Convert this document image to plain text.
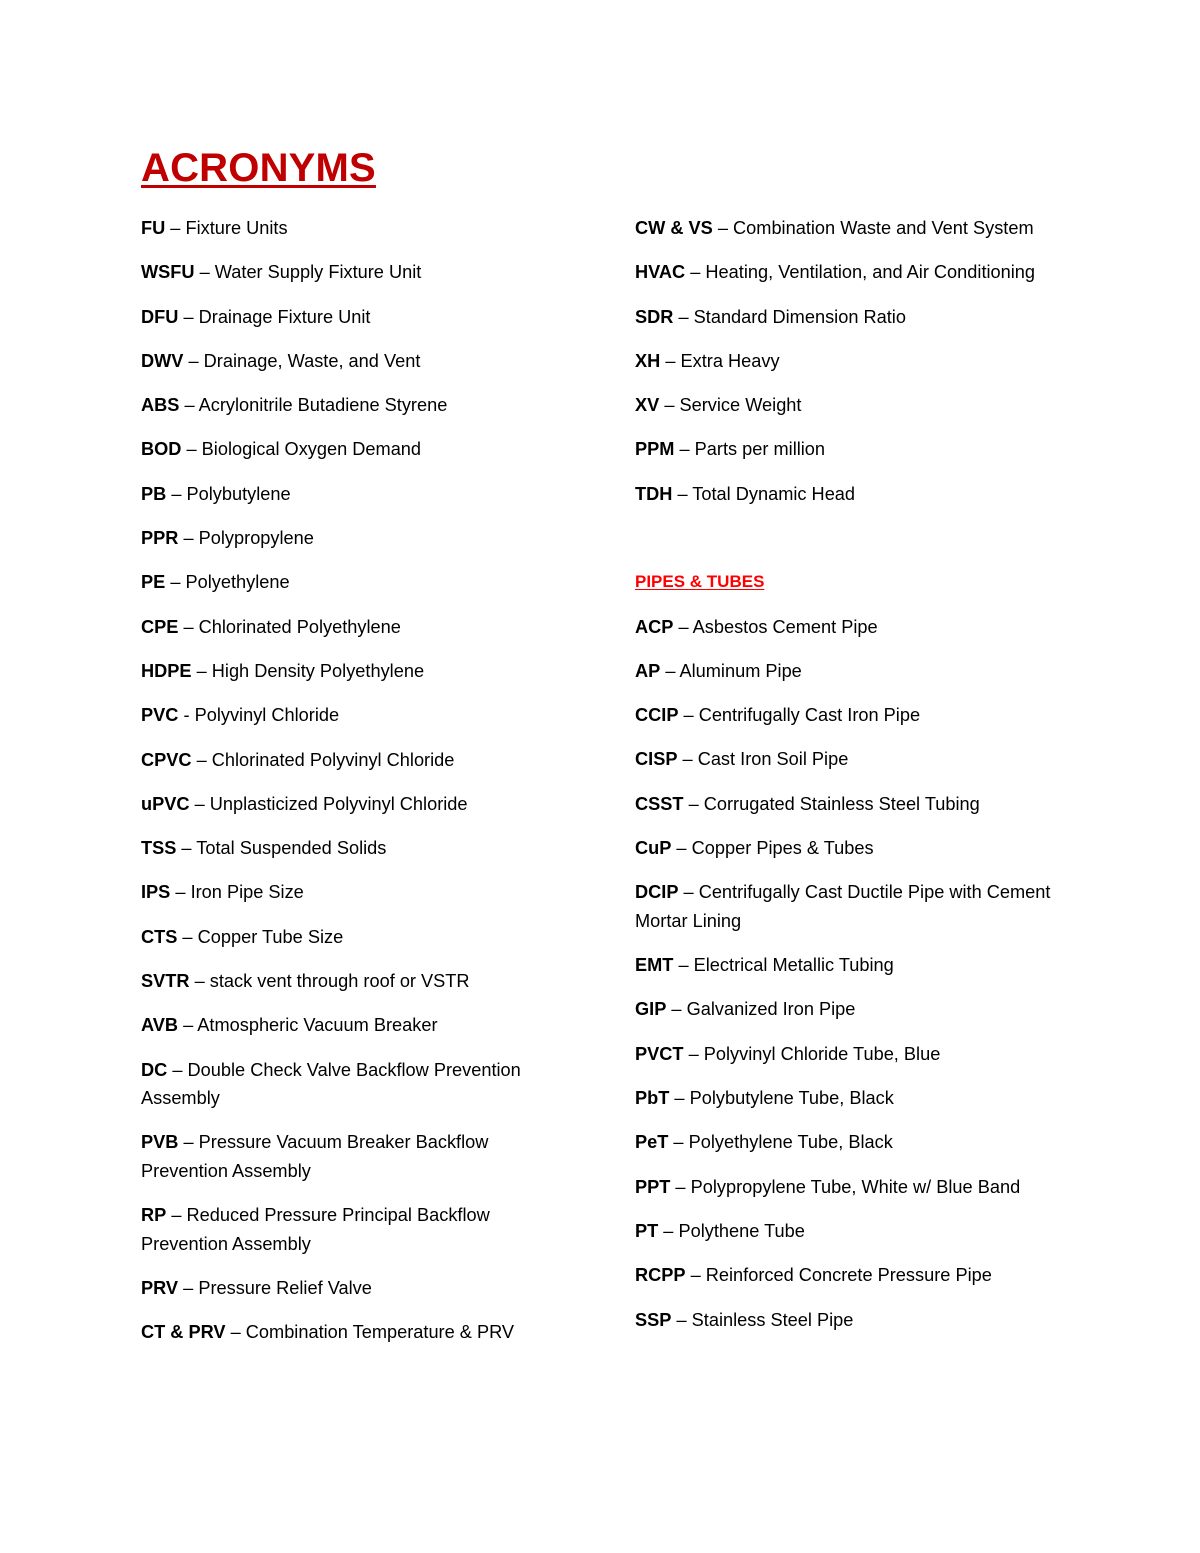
ACRONYMS
FU – Fixture Units
WSFU – Water Supply Fixture Unit
DFU – Drainage Fixture Unit
DWV – Drainage, Waste, and Vent
ABS – Acrylonitrile Butadiene Styrene
BOD – Biological Oxygen Demand
PB – Polybutylene
PPR – Polypropylene
PE – Polyethylene
CPE – Chlorinated Polyethylene
HDPE – High Density Polyethylene
PVC - Polyvinyl Chloride
CPVC – Chlorinated Polyvinyl Chloride
uPVC – Unplasticized Polyvinyl Chloride
TSS – Total Suspended Solids
IPS – Iron Pipe Size
CTS – Copper Tube Size
SVTR – stack vent through roof or VSTR
AVB – Atmospheric Vacuum Breaker
DC – Double Check Valve Backflow Prevention Assembly
PVB – Pressure Vacuum Breaker Backflow Prevention Assembly
RP – Reduced Pressure Principal Backflow Prevention Assembly
PRV – Pressure Relief Valve
CT & PRV – Combination Temperature & PRV
CW & VS – Combination Waste and Vent System
HVAC – Heating, Ventilation, and Air Conditioning
SDR – Standard Dimension Ratio
XH – Extra Heavy
XV – Service Weight
PPM – Parts per million
TDH – Total Dynamic Head
PIPES & TUBES
ACP – Asbestos Cement Pipe
AP – Aluminum Pipe
CCIP – Centrifugally Cast Iron Pipe
CISP – Cast Iron Soil Pipe
CSST – Corrugated Stainless Steel Tubing
CuP – Copper Pipes & Tubes
DCIP – Centrifugally Cast Ductile Pipe with Cement Mortar Lining
EMT – Electrical Metallic Tubing
GIP – Galvanized Iron Pipe
PVCT – Polyvinyl Chloride Tube, Blue
PbT – Polybutylene Tube, Black
PeT – Polyethylene Tube, Black
PPT – Polypropylene Tube, White w/ Blue Band
PT – Polythene Tube
RCPP – Reinforced Concrete Pressure Pipe
SSP – Stainless Steel Pipe
